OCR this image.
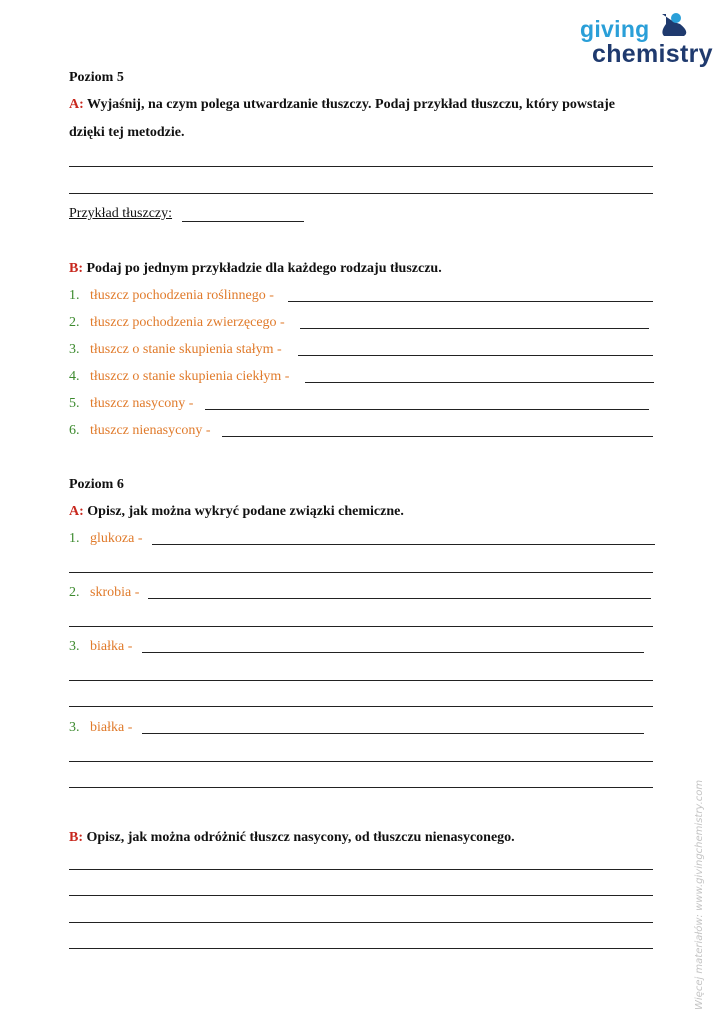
giving
chemistry
Poziom 5
A: Wyjaśnij, na czym polega utwardzanie tłuszczy. Podaj przykład tłuszczu, który powstaje
dzięki tej metodzie.
Przykład tłuszczy:
B: Podaj po jednym przykładzie dla każdego rodzaju tłuszczu.
1. tłuszcz pochodzenia roślinnego -
2. tłuszcz pochodzenia zwierzęcego -
3. tłuszcz o stanie skupienia stałym -
4. tłuszcz o stanie skupienia ciekłym -
5. tłuszcz nasycony -
6. tłuszcz nienasycony -
Poziom 6
A: Opisz, jak można wykryć podane związki chemiczne.
1. glukoza -
2. skrobia -
3. białka -
3. białka -
B: Opisz, jak można odróżnić tłuszcz nasycony, od tłuszczu nienasyconego.	Więcej materiałów: www.givingchemistry.com
